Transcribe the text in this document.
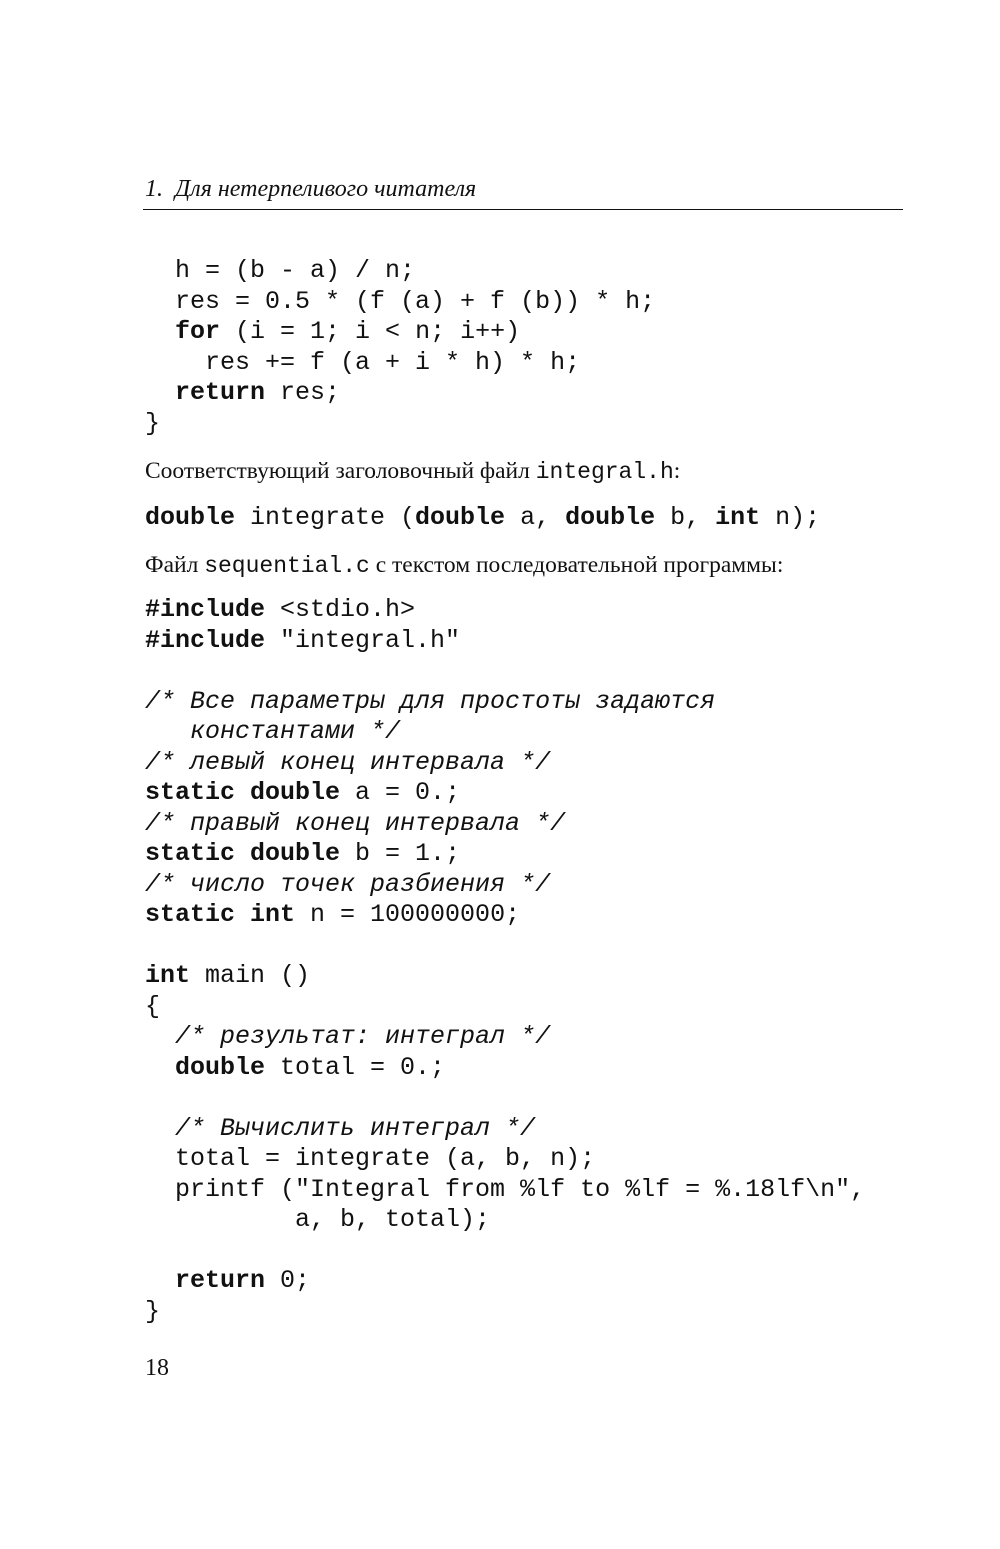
1.  Для нетерпеливого читателя
h = (b - a) / n;
res = 0.5 * (f (a) + f (b)) * h;
for (i = 1; i < n; i++)
res += f (a + i * h) * h;
return res;
}
Соответствующий заголовочный файл integral.h:
double integrate (double a, double b, int n);
Файл sequential.c с текстом последовательной программы:
#include <stdio.h>
#include "integral.h"

/* Все параметры для простоты задаются
константами */
/* левый конец интервала */
static double a = 0.;
/* правый конец интервала */
static double b = 1.;
/* число точек разбиения */
static int n = 100000000;

int main ()
{
/* результат: интеграл */
double total = 0.;

/* Вычислить интеграл */
total = integrate (a, b, n);
printf ("Integral from %lf to %lf = %.18lf\n",
a, b, total);

return 0;
}
18
